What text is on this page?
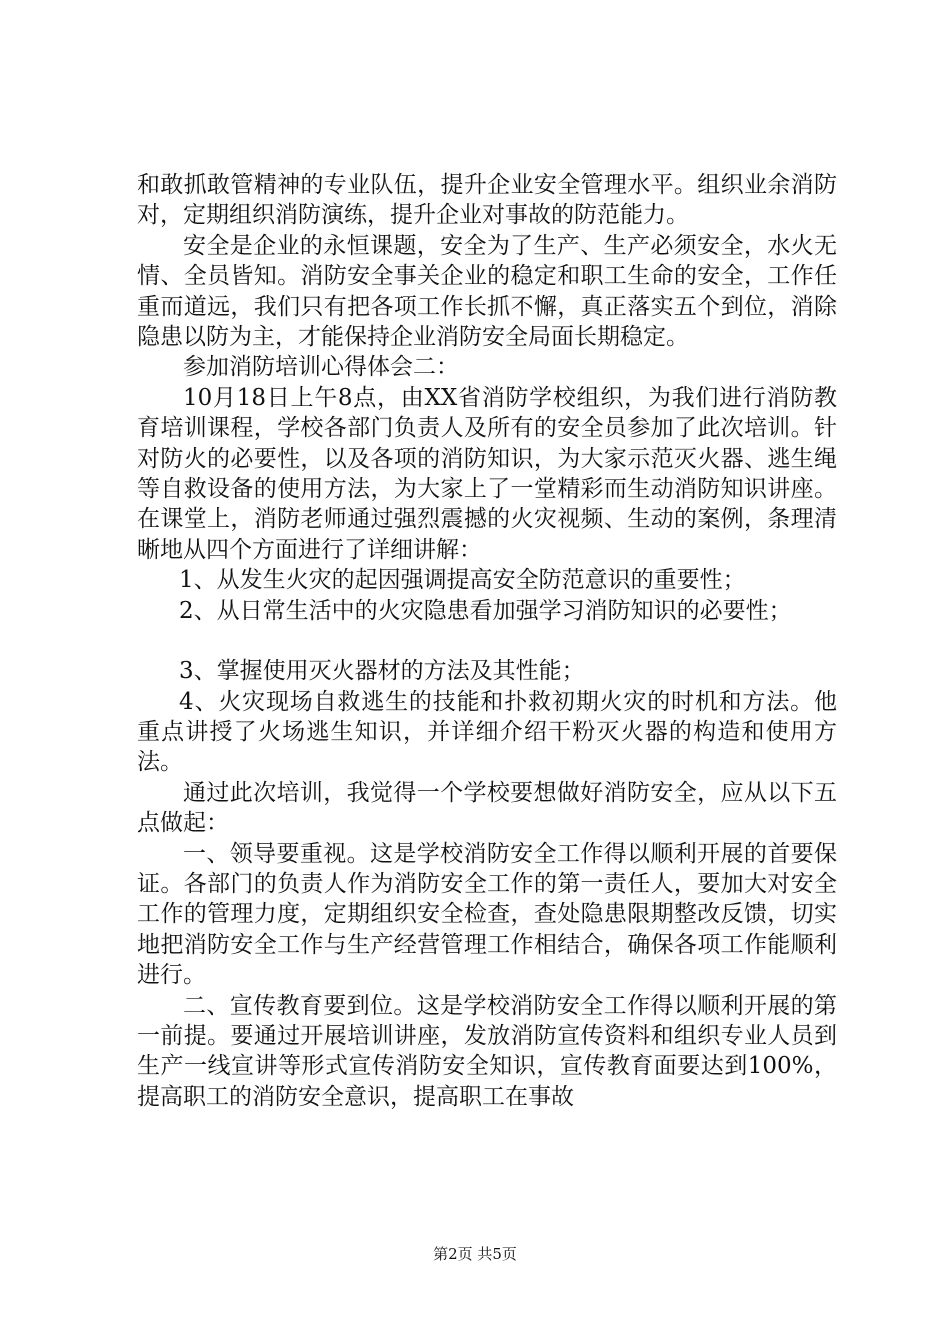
和敢抓敢管精神的专业队伍，提升企业安全管理水平。组织业余消防对，定期组织消防演练，提升企业对事故的防范能力。

安全是企业的永恒课题，安全为了生产、生产必须安全，水火无情、全员皆知。消防安全事关企业的稳定和职工生命的安全，工作任重而道远，我们只有把各项工作长抓不懈，真正落实五个到位，消除隐患以防为主，才能保持企业消防安全局面长期稳定。

参加消防培训心得体会二：

10月18日上午8点，由XX省消防学校组织，为我们进行消防教育培训课程，学校各部门负责人及所有的安全员参加了此次培训。针对防火的必要性，以及各项的消防知识，为大家示范灭火器、逃生绳等自救设备的使用方法，为大家上了一堂精彩而生动消防知识讲座。在课堂上，消防老师通过强烈震撼的火灾视频、生动的案例，条理清晰地从四个方面进行了详细讲解：

1、从发生火灾的起因强调提高安全防范意识的重要性；

2、从日常生活中的火灾隐患看加强学习消防知识的必要性；

3、掌握使用灭火器材的方法及其性能；

4、火灾现场自救逃生的技能和扑救初期火灾的时机和方法。他重点讲授了火场逃生知识，并详细介绍干粉灭火器的构造和使用方法。

通过此次培训，我觉得一个学校要想做好消防安全，应从以下五点做起：

一、领导要重视。这是学校消防安全工作得以顺利开展的首要保证。各部门的负责人作为消防安全工作的第一责任人，要加大对安全工作的管理力度，定期组织安全检查，查处隐患限期整改反馈，切实地把消防安全工作与生产经营管理工作相结合，确保各项工作能顺利进行。

二、宣传教育要到位。这是学校消防安全工作得以顺利开展的第一前提。要通过开展培训讲座，发放消防宣传资料和组织专业人员到生产一线宣讲等形式宣传消防安全知识，宣传教育面要达到100%，提高职工的消防安全意识，提高职工在事故

第2页 共5页
